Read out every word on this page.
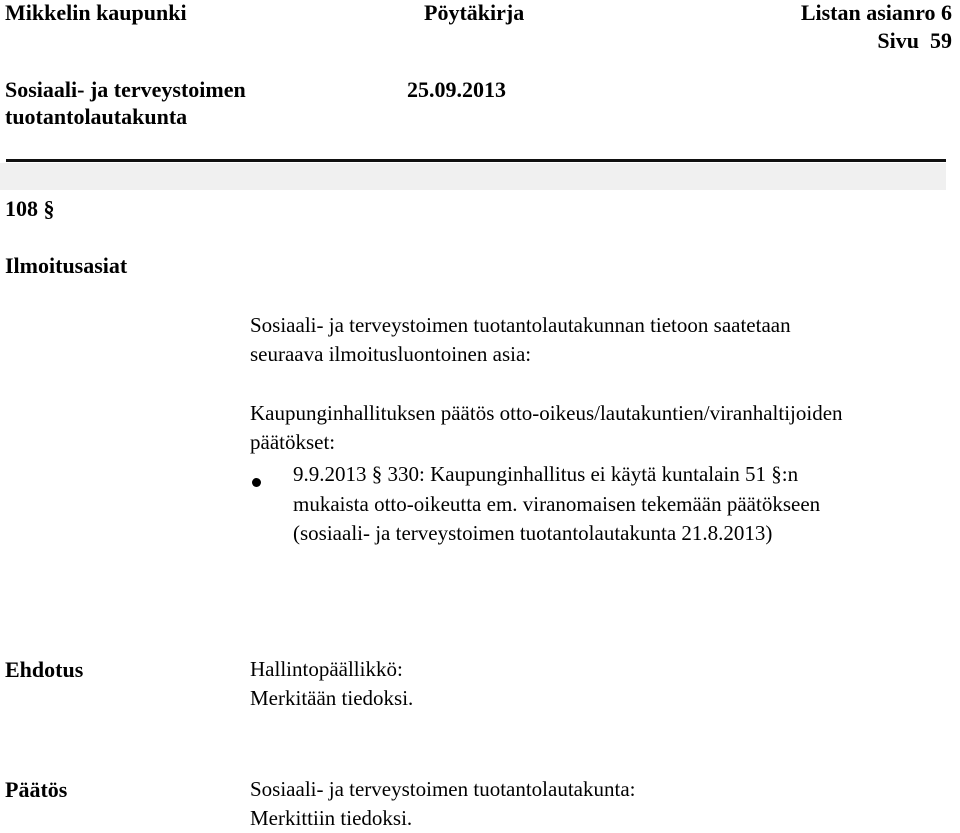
Mikkelin kaupunki	Pöytäkirja	Listan asianro 6
Sivu  59
Sosiaali- ja terveystoimen
tuotantolautakunta
25.09.2013
108 §
Ilmoitusasiat
Sosiaali- ja terveystoimen tuotantolautakunnan tietoon saatetaan
seuraava ilmoitusluontoinen asia:
Kaupunginhallituksen päätös otto-oikeus/lautakuntien/viranhaltijoiden
päätökset:
9.9.2013 § 330: Kaupunginhallitus ei käytä kuntalain 51 §:n
mukaista otto-oikeutta em. viranomaisen tekemään päätökseen
(sosiaali- ja terveystoimen tuotantolautakunta 21.8.2013)
Ehdotus	Hallintopäällikkö:
Merkitään tiedoksi.
Päätös	Sosiaali- ja terveystoimen tuotantolautakunta:
Merkittiin tiedoksi.
